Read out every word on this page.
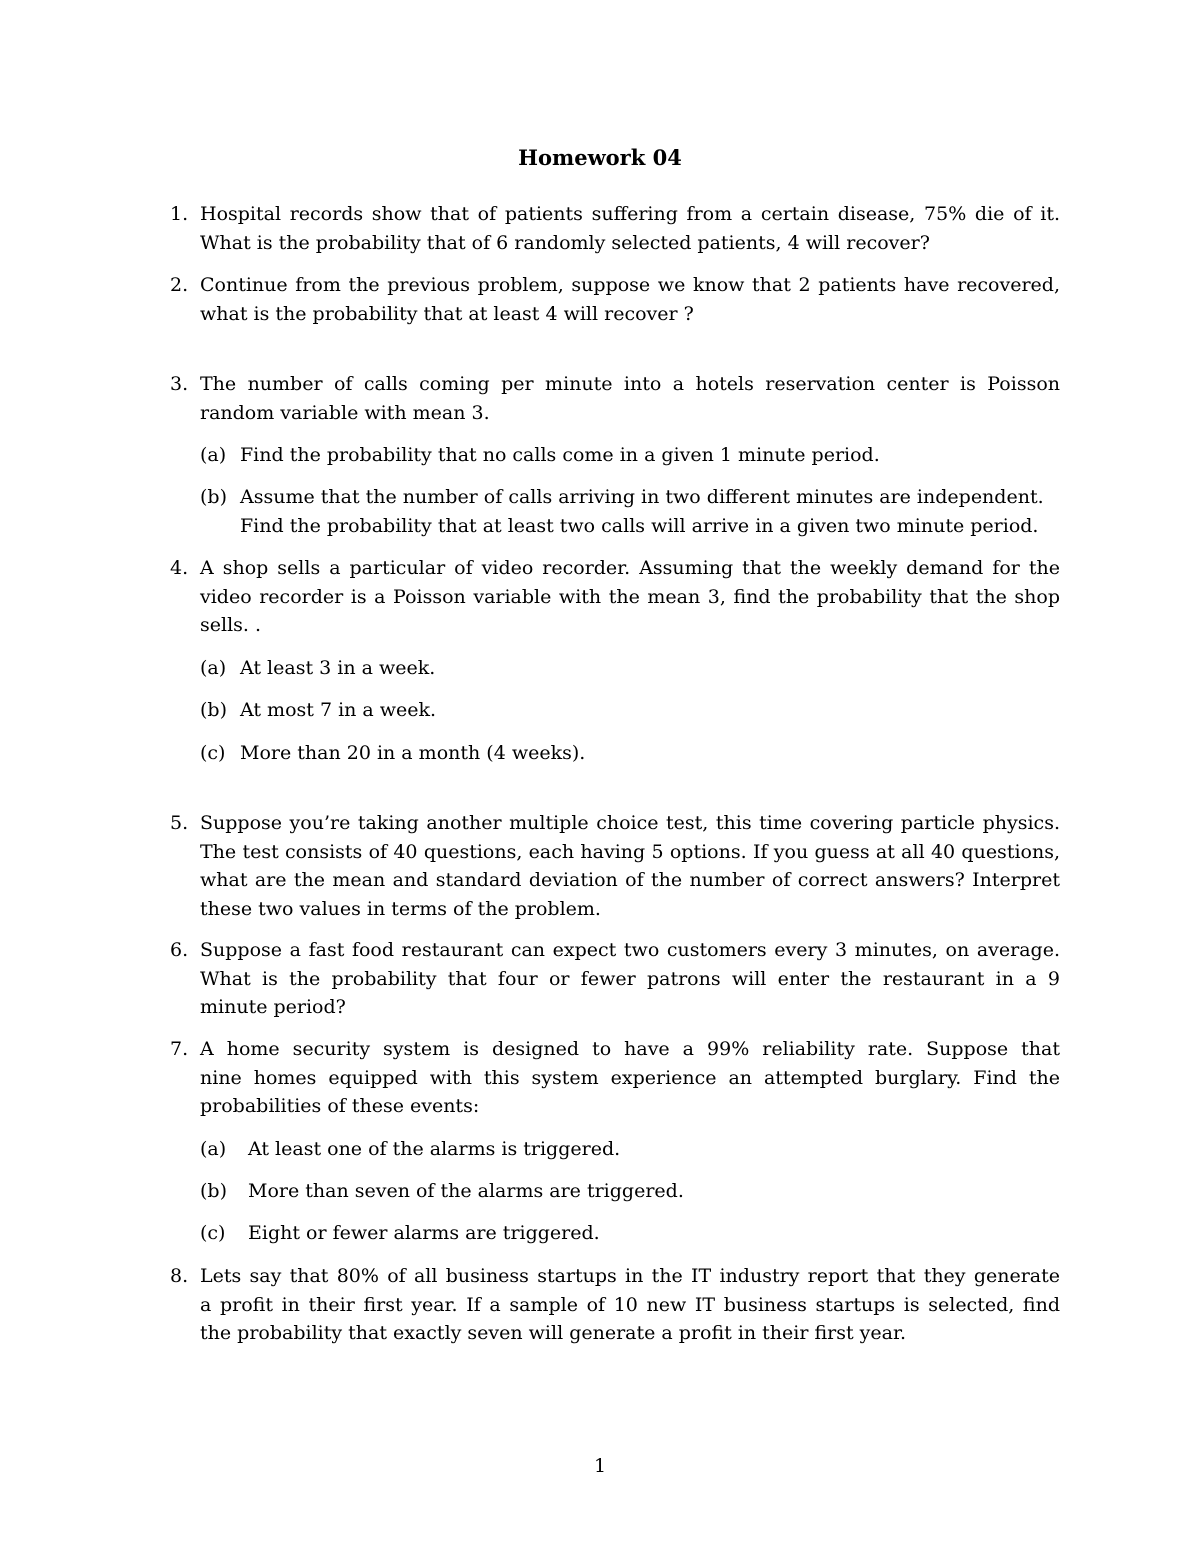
Homework 04
1. Hospital records show that of patients suffering from a certain disease, 75% die of it.
What is the probability that of 6 randomly selected patients, 4 will recover?
2. Continue from the previous problem, suppose we know that 2 patients have recovered,
what is the probability that at least 4 will recover ?
3. The number of calls coming per minute into a hotels reservation center is Poisson
random variable with mean 3.
(a) Find the probability that no calls come in a given 1 minute period.
(b) Assume that the number of calls arriving in two different minutes are independent.
Find the probability that at least two calls will arrive in a given two minute period.
4. A shop sells a particular of video recorder. Assuming that the weekly demand for the
video recorder is a Poisson variable with the mean 3, find the probability that the shop
sells. .
(a) At least 3 in a week.
(b) At most 7 in a week.
(c) More than 20 in a month (4 weeks).
5. Suppose you’re taking another multiple choice test, this time covering particle physics.
The test consists of 40 questions, each having 5 options. If you guess at all 40 questions,
what are the mean and standard deviation of the number of correct answers? Interpret
these two values in terms of the problem.
6. Suppose a fast food restaurant can expect two customers every 3 minutes, on average.
What is the probability that four or fewer patrons will enter the restaurant in a 9
minute period?
7. A home security system is designed to have a 99% reliability rate. Suppose that
nine homes equipped with this system experience an attempted burglary. Find the
probabilities of these events:
(a)	At least one of the alarms is triggered.
(b)	More than seven of the alarms are triggered.
(c)	Eight or fewer alarms are triggered.
8. Lets say that 80% of all business startups in the IT industry report that they generate
a profit in their first year. If a sample of 10 new IT business startups is selected, find
the probability that exactly seven will generate a profit in their first year.
1
